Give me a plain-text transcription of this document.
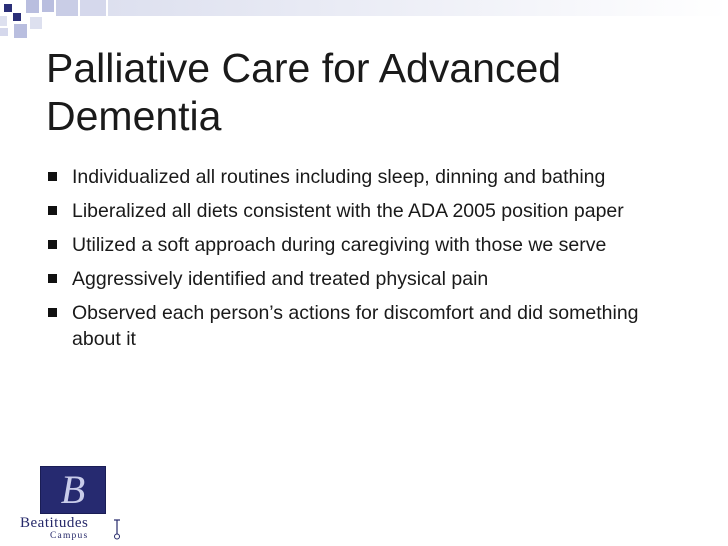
Palliative Care for Advanced Dementia
Individualized all routines including sleep, dinning and bathing
Liberalized all diets consistent with the ADA 2005 position paper
Utilized a soft approach during caregiving with those we serve
Aggressively identified and treated physical pain
Observed each person’s actions for discomfort and did something about it
B
Beatitudes
Campus
